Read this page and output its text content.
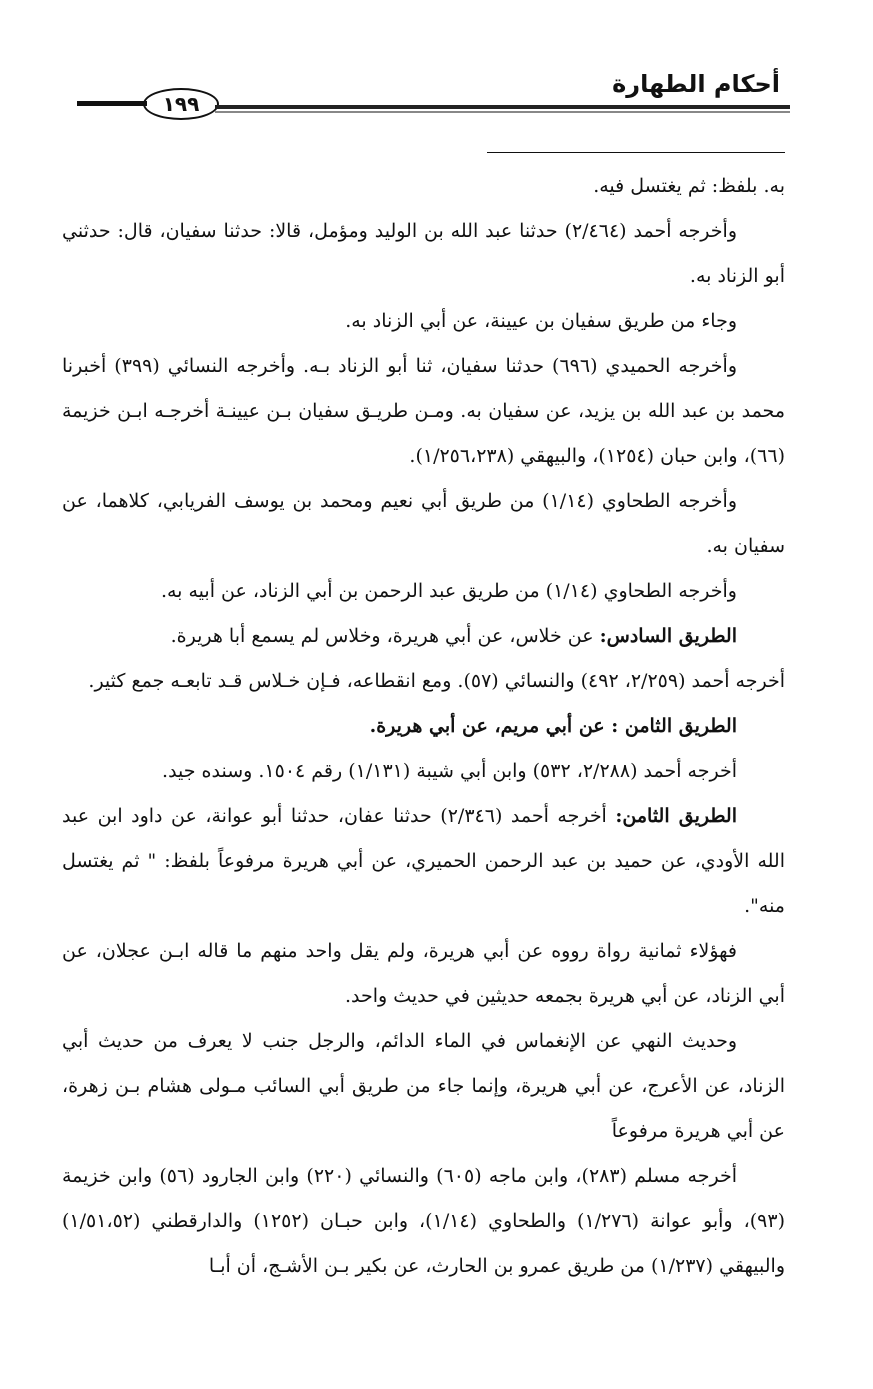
أحكام الطهارة
١٩٩

به. بلفظ: ثم يغتسل فيه.

وأخرجه أحمد (٢/٤٦٤) حدثنا عبد الله بن الوليد ومؤمل، قالا: حدثنا سفيان، قال: حدثني أبو الزناد به.

وجاء من طريق سفيان بن عيينة، عن أبي الزناد به.

وأخرجه الحميدي (٦٩٦) حدثنا سفيان، ثنا أبو الزناد بـه. وأخرجه النسائي (٣٩٩) أخبرنا محمد بن عبد الله بن يزيد، عن سفيان به. ومـن طريـق سفيان بـن عيينـة أخرجـه ابـن خزيمة (٦٦)، وابن حبان (١٢٥٤)، والبيهقي (١/٢٥٦،٢٣٨).

وأخرجه الطحاوي (١/١٤) من طريق أبي نعيم ومحمد بن يوسف الفريابي، كلاهما، عن سفيان به.

وأخرجه الطحاوي (١/١٤) من طريق عبد الرحمن بن أبي الزناد، عن أبيه به.

الطريق السادس: عن خلاس، عن أبي هريرة، وخلاس لم يسمع أبا هريرة.

أخرجه أحمد (٢/٢٥٩، ٤٩٢) والنسائي (٥٧). ومع انقطاعه، فـإن خـلاس قـد تابعـه جمع كثير.

الطريق الثامن : عن أبي مريم، عن أبي هريرة.

أخرجه أحمد (٢/٢٨٨، ٥٣٢) وابن أبي شيبة (١/١٣١) رقم ١٥٠٤. وسنده جيد.

الطريق الثامن: أخرجه أحمد (٢/٣٤٦) حدثنا عفان، حدثنا أبو عوانة، عن داود ابن عبد الله الأودي، عن حميد بن عبد الرحمن الحميري، عن أبي هريرة مرفوعاً بلفظ: " ثم يغتسل منه".

فهؤلاء ثمانية رواة رووه عن أبي هريرة، ولم يقل واحد منهم ما قاله ابـن عجلان، عن أبي الزناد، عن أبي هريرة بجمعه حديثين في حديث واحد.

وحديث النهي عن الإنغماس في الماء الدائم، والرجل جنب لا يعرف من حديث أبي الزناد، عن الأعرج، عن أبي هريرة، وإنما جاء من طريق أبي السائب مـولى هشام بـن زهرة، عن أبي هريرة مرفوعاً

أخرجه مسلم (٢٨٣)، وابن ماجه (٦٠٥) والنسائي (٢٢٠) وابن الجارود (٥٦) وابن خزيمة (٩٣)، وأبو عوانة (١/٢٧٦) والطحاوي (١/١٤)، وابن حبـان (١٢٥٢) والدارقطني (١/٥١،٥٢) والبيهقي (١/٢٣٧) من طريق عمرو بن الحارث، عن بكير بـن الأشـج، أن أبـا
